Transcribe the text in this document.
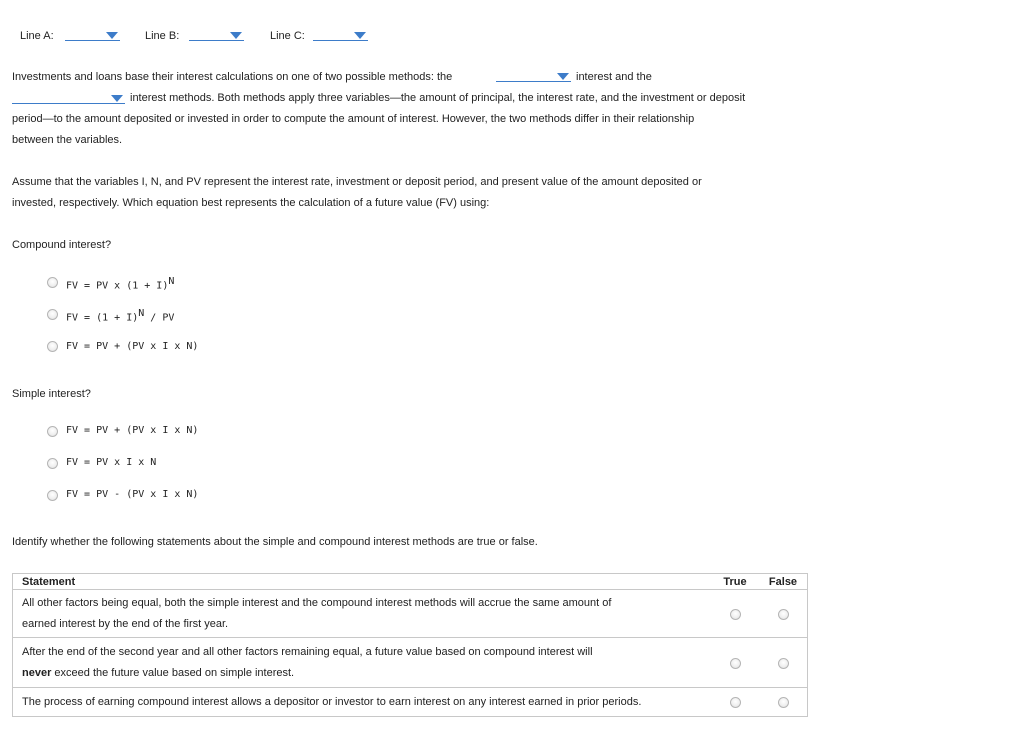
Line A:	Line B:	Line C:
Investments and loans base their interest calculations on one of two possible methods: the	interest and the
interest methods. Both methods apply three variables—the amount of principal, the interest rate, and the investment or deposit
period—to the amount deposited or invested in order to compute the amount of interest. However, the two methods differ in their relationship
between the variables.
Assume that the variables I, N, and PV represent the interest rate, investment or deposit period, and present value of the amount deposited or
invested, respectively. Which equation best represents the calculation of a future value (FV) using:
Compound interest?
FV = PV x $(1 + I)^N$
FV = $(1 + I)^N$ / PV
FV = PV + (PV x I x N)
Simple interest?
FV = PV + (PV x I x N)
FV = PV x I x N
FV = PV - (PV x I x N)
Identify whether the following statements about the simple and compound interest methods are true or false.
Statement	True	False

All other factors being equal, both the simple interest and the compound interest methods will accrue the same amount of
earned interest by the end of the first year.		

After the end of the second year and all other factors remaining equal, a future value based on compound interest will
never exceed the future value based on simple interest.		

The process of earning compound interest allows a depositor or investor to earn interest on any interest earned in prior periods.		
